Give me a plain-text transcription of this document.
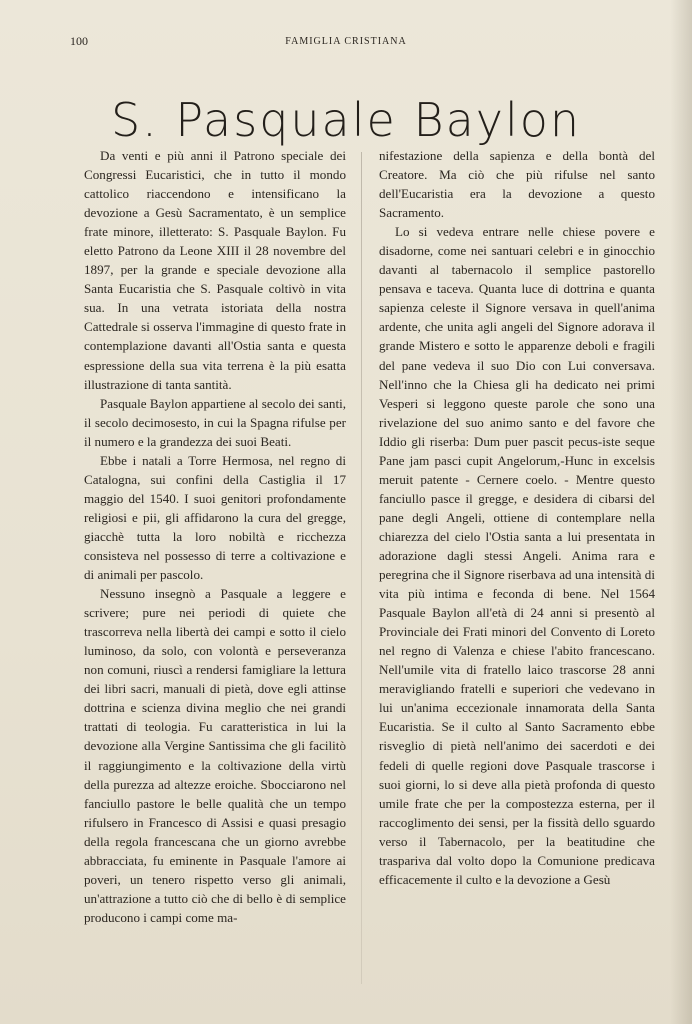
100	FAMIGLIA CRISTIANA
S. Pasquale Baylon

Da venti e più anni il Patrono speciale dei Congressi Eucaristici, che in tutto il mondo cattolico riaccendono e intensificano la devozione a Gesù Sacramentato, è un semplice frate minore, illetterato: S. Pasquale Baylon. Fu eletto Patrono da Leone XIII il 28 novembre del 1897, per la grande e speciale devozione alla Santa Eucaristia che S. Pasquale coltivò in vita sua. In una vetrata istoriata della nostra Cattedrale si osserva l'immagine di questo frate in contemplazione davanti all'Ostia santa e questa espressione della sua vita terrena è la più esatta illustrazione di tanta santità.

Pasquale Baylon appartiene al secolo dei santi, il secolo decimosesto, in cui la Spagna rifulse per il numero e la grandezza dei suoi Beati.

Ebbe i natali a Torre Hermosa, nel regno di Catalogna, sui confini della Castiglia il 17 maggio del 1540. I suoi genitori profondamente religiosi e pii, gli affidarono la cura del gregge, giacchè tutta la loro nobiltà e ricchezza consisteva nel possesso di terre a coltivazione e di animali per pascolo.

Nessuno insegnò a Pasquale a leggere e scrivere; pure nei periodi di quiete che trascorreva nella libertà dei campi e sotto il cielo luminoso, da solo, con volontà e perseveranza non comuni, riuscì a rendersi famigliare la lettura dei libri sacri, manuali di pietà, dove egli attinse dottrina e scienza divina meglio che nei grandi trattati di teologia. Fu caratteristica in lui la devozione alla Vergine Santissima che gli facilitò il raggiungimento e la coltivazione della virtù della purezza ad altezze eroiche. Sbocciarono nel fanciullo pastore le belle qualità che un tempo rifulsero in Francesco di Assisi e quasi presagio della regola francescana che un giorno avrebbe abbracciata, fu eminente in Pasquale l'amore ai poveri, un tenero rispetto verso gli animali, un'attrazione a tutto ciò che di bello è di semplice producono i campi come ma-

nifestazione della sapienza e della bontà del Creatore. Ma ciò che più rifulse nel santo dell'Eucaristia era la devozione a questo Sacramento.

Lo si vedeva entrare nelle chiese povere e disadorne, come nei santuari celebri e in ginocchio davanti al tabernacolo il semplice pastorello pensava e taceva. Quanta luce di dottrina e quanta sapienza celeste il Signore versava in quell'anima ardente, che unita agli angeli del Signore adorava il grande Mistero e sotto le apparenze deboli e fragili del pane vedeva il suo Dio con Lui conversava. Nell'inno che la Chiesa gli ha dedicato nei primi Vesperi si leggono queste parole che sono una rivelazione del suo animo santo e del favore che Iddio gli riserba: Dum puer pascit pecus-iste seque Pane jam pasci cupit Angelorum,-Hunc in excelsis meruit patente - Cernere coelo. - Mentre questo fanciullo pasce il gregge, e desidera di cibarsi del pane degli Angeli, ottiene di contemplare nella chiarezza del cielo l'Ostia santa a lui presentata in adorazione dagli stessi Angeli. Anima rara e peregrina che il Signore riserbava ad una intensità di vita più intima e feconda di bene. Nel 1564 Pasquale Baylon all'età di 24 anni si presentò al Provinciale dei Frati minori del Convento di Loreto nel regno di Valenza e chiese l'abito francescano. Nell'umile vita di fratello laico trascorse 28 anni meravigliando fratelli e superiori che vedevano in lui un'anima eccezionale innamorata della Santa Eucaristia. Se il culto al Santo Sacramento ebbe risveglio di pietà nell'animo dei sacerdoti e dei fedeli di quelle regioni dove Pasquale trascorse i suoi giorni, lo si deve alla pietà profonda di questo umile frate che per la compostezza esterna, per il raccoglimento dei sensi, per la fissità dello sguardo verso il Tabernacolo, per la beatitudine che traspariva dal volto dopo la Comunione predicava efficacemente il culto e la devozione a Gesù
